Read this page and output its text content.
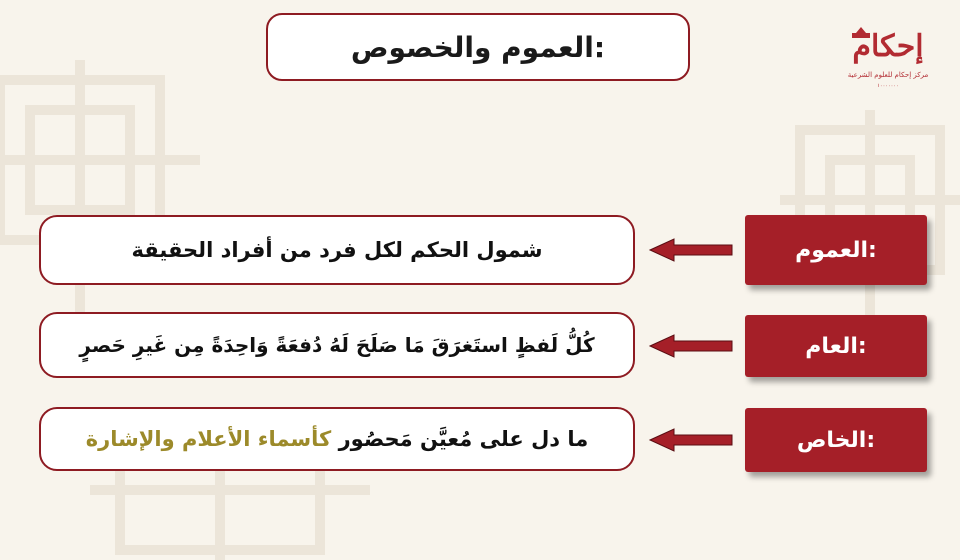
العموم والخصوص:	إحكام
مركز إحكام للعلوم الشرعية
١٠٠٠٠٠٠٠
العموم:
شمول الحكم لكل فرد من أفراد الحقيقة
العام:
كُلُّ لَفظٍ استَغرَقَ مَا صَلَحَ لَهُ دُفعَةً وَاحِدَةً مِن غَيرِ حَصرٍ
الخاص:
ما دل على مُعيَّن مَحصُور

كأسماء الأعلام والإشارة
